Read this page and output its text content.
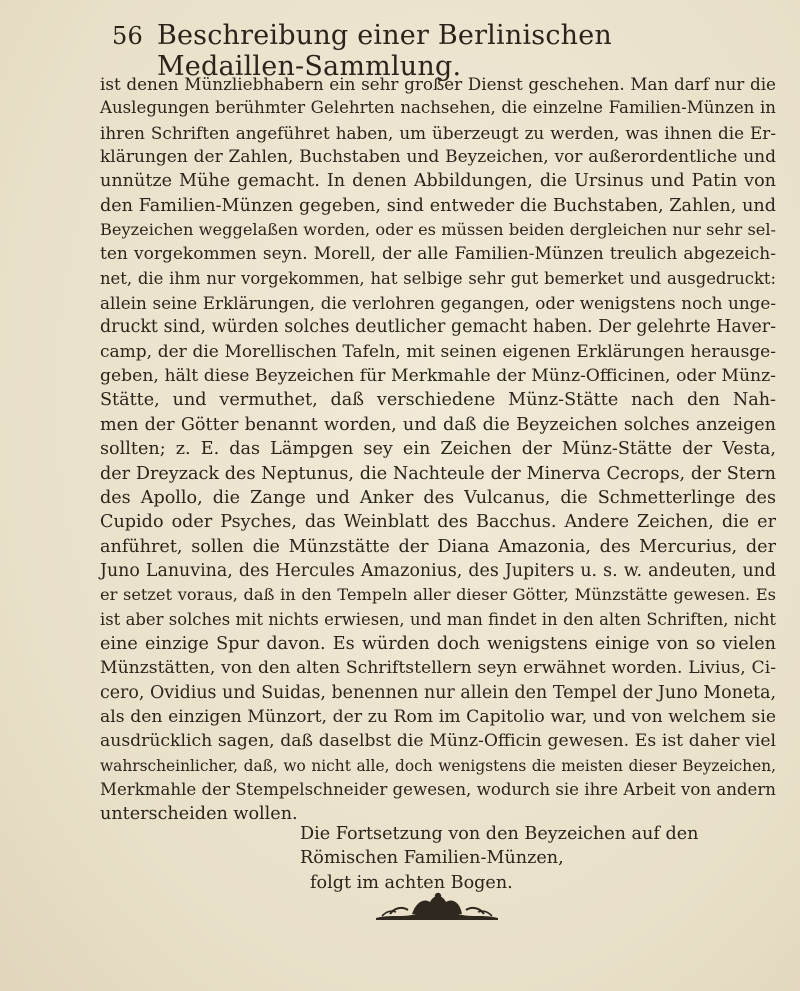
56 Beschreibung einer Berlinischen Medaillen-Sammlung.
ist denen Münzliebhabern ein sehr großer Dienst geschehen. Man darf nur die
Auslegungen berühmter Gelehrten nachsehen, die einzelne Familien-Münzen in
ihren Schriften angeführet haben, um überzeugt zu werden, was ihnen die Er-
klärungen der Zahlen, Buchstaben und Beyzeichen, vor außerordentliche und
unnütze Mühe gemacht. In denen Abbildungen, die Ursinus und Patin von
den Familien-Münzen gegeben, sind entweder die Buchstaben, Zahlen, und
Beyzeichen weggelaßen worden, oder es müssen beiden dergleichen nur sehr sel-
ten vorgekommen seyn. Morell, der alle Familien-Münzen treulich abgezeich-
net, die ihm nur vorgekommen, hat selbige sehr gut bemerket und ausgedruckt:
allein seine Erklärungen, die verlohren gegangen, oder wenigstens noch unge-
druckt sind, würden solches deutlicher gemacht haben. Der gelehrte Haver-
camp, der die Morellischen Tafeln, mit seinen eigenen Erklärungen herausge-
geben, hält diese Beyzeichen für Merkmahle der Münz-Officinen, oder Münz-
Stätte, und vermuthet, daß verschiedene Münz-Stätte nach den Nah-
men der Götter benannt worden, und daß die Beyzeichen solches anzeigen
sollten; z. E. das Lämpgen sey ein Zeichen der Münz-Stätte der Vesta,
der Dreyzack des Neptunus, die Nachteule der Minerva Cecrops, der Stern
des Apollo, die Zange und Anker des Vulcanus, die Schmetterlinge des
Cupido oder Psyches, das Weinblatt des Bacchus. Andere Zeichen, die er
anführet, sollen die Münzstätte der Diana Amazonia, des Mercurius, der
Juno Lanuvina, des Hercules Amazonius, des Jupiters u. s. w. andeuten, und
er setzet voraus, daß in den Tempeln aller dieser Götter, Münzstätte gewesen. Es
ist aber solches mit nichts erwiesen, und man findet in den alten Schriften, nicht
eine einzige Spur davon. Es würden doch wenigstens einige von so vielen
Münzstätten, von den alten Schriftstellern seyn erwähnet worden. Livius, Ci-
cero, Ovidius und Suidas, benennen nur allein den Tempel der Juno Moneta,
als den einzigen Münzort, der zu Rom im Capitolio war, und von welchem sie
ausdrücklich sagen, daß daselbst die Münz-Officin gewesen. Es ist daher viel
wahrscheinlicher, daß, wo nicht alle, doch wenigstens die meisten dieser Beyzeichen,
Merkmahle der Stempelschneider gewesen, wodurch sie ihre Arbeit von andern
unterscheiden wollen.
Die Fortsetzung von den Beyzeichen auf den Römischen Familien-Münzen,
folgt im achten Bogen.
